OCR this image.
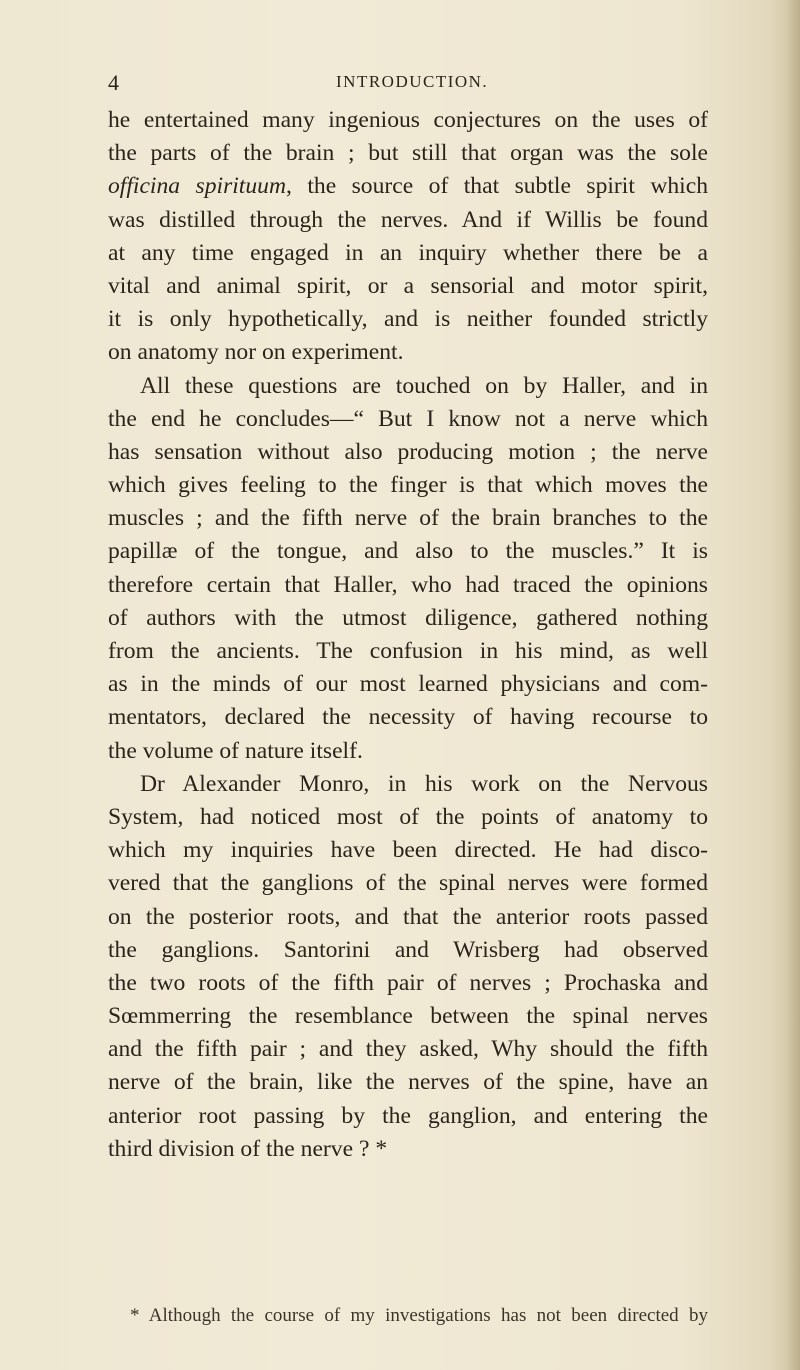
4	INTRODUCTION.
he entertained many ingenious conjectures on the uses of
the parts of the brain ; but still that organ was the sole
officina spirituum, the source of that subtle spirit which
was distilled through the nerves. And if Willis be found
at any time engaged in an inquiry whether there be a
vital and animal spirit, or a sensorial and motor spirit,
it is only hypothetically, and is neither founded strictly
on anatomy nor on experiment.
All these questions are touched on by Haller, and in
the end he concludes—“ But I know not a nerve which
has sensation without also producing motion ; the nerve
which gives feeling to the finger is that which moves the
muscles ; and the fifth nerve of the brain branches to the
papillæ of the tongue, and also to the muscles.” It is
therefore certain that Haller, who had traced the opinions
of authors with the utmost diligence, gathered nothing
from the ancients. The confusion in his mind, as well
as in the minds of our most learned physicians and com-
mentators, declared the necessity of having recourse to
the volume of nature itself.
Dr Alexander Monro, in his work on the Nervous
System, had noticed most of the points of anatomy to
which my inquiries have been directed. He had disco-
vered that the ganglions of the spinal nerves were formed
on the posterior roots, and that the anterior roots passed
the ganglions. Santorini and Wrisberg had observed
the two roots of the fifth pair of nerves ; Prochaska and
Sœmmerring the resemblance between the spinal nerves
and the fifth pair ; and they asked, Why should the fifth
nerve of the brain, like the nerves of the spine, have an
anterior root passing by the ganglion, and entering the
third division of the nerve ? *
* Although the course of my investigations has not been directed by
